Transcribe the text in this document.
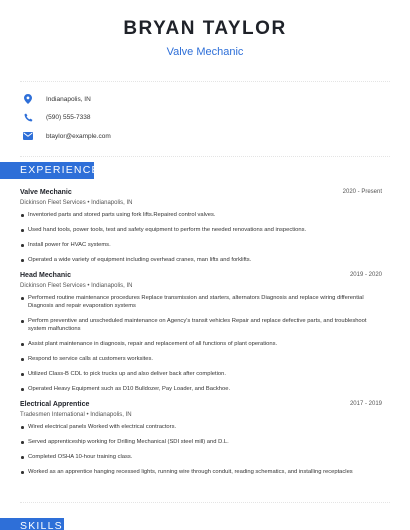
BRYAN TAYLOR
Valve Mechanic
Indianapolis, IN
(590) 555-7338
btaylor@example.com
EXPERIENCE
Valve Mechanic	2020 - Present
Dickinson Fleet Services • Indianapolis, IN
Inventoried parts and stored parts using fork lifts.Repaired control valves.
Used hand tools, power tools, test and safety equipment to perform the needed renovations and inspections.
Install power for HVAC systems.
Operated a wide variety of equipment including overhead cranes, man lifts and forklifts.
Head Mechanic	2019 - 2020
Dickinson Fleet Services • Indianapolis, IN
Performed routine maintenance procedures Replace transmission and starters, alternators Diagnosis and replace wiring differential Diagnosis and repair evaporation systems
Perform preventive and unscheduled maintenance on Agency's transit vehicles Repair and replace defective parts, and troubleshoot system malfunctions
Assist plant maintenance in diagnosis, repair and replacement of all functions of plant operations.
Respond to service calls at customers worksites.
Utilized Class-B CDL to pick trucks up and also deliver back after completion.
Operated Heavy Equipment such as D10 Bulldozer, Pay Loader, and Backhoe.
Electrical Apprentice	2017 - 2019
Tradesmen International • Indianapolis, IN
Wired electrical panels Worked with electrical contractors.
Served apprenticeship working for Drilling Mechanical (SDI steel mill) and D.L.
Completed OSHA 10-hour training class.
Worked as an apprentice hanging recessed lights, running wire through conduit, reading schematics, and installing receptacles
SKILLS
